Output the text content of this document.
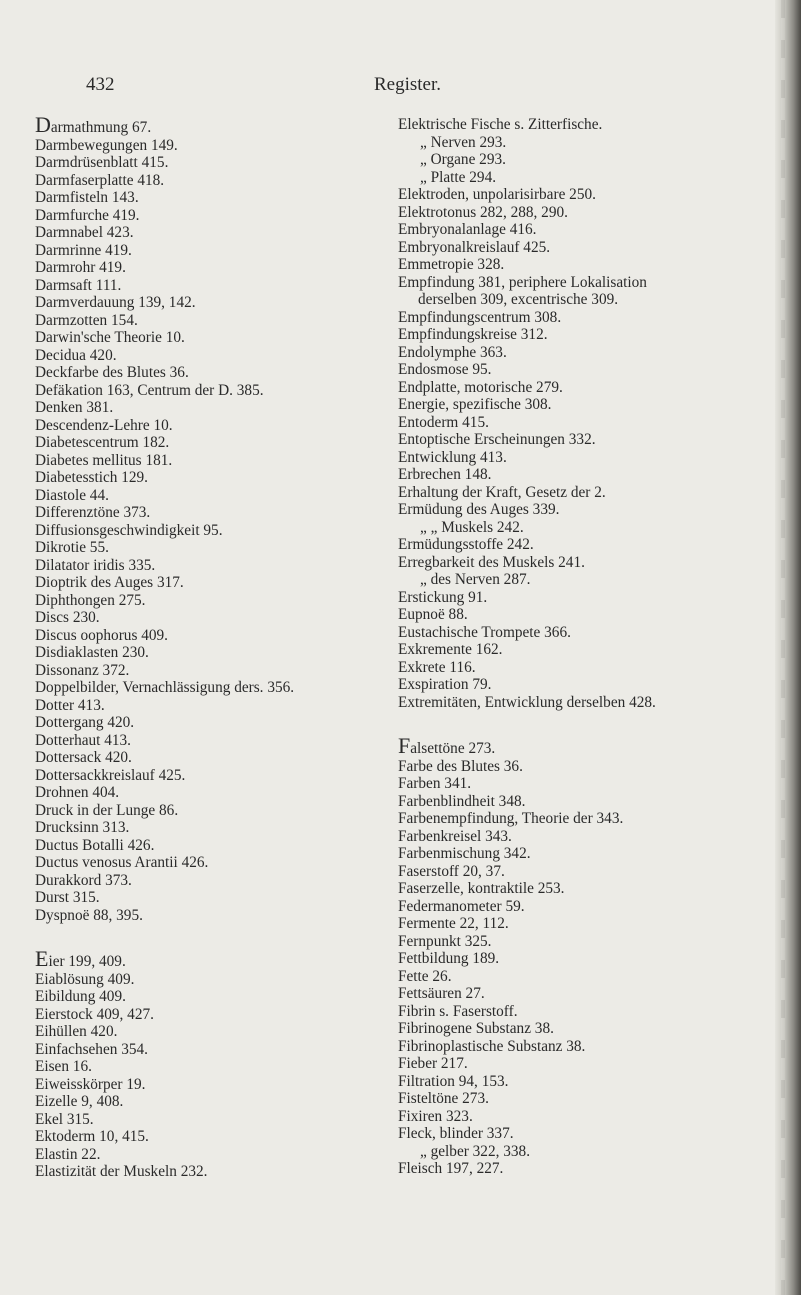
432	Register.
Darmathmung 67.
Darmbewegungen 149.
Darmdrüsenblatt 415.
Darmfaserplatte 418.
Darmfisteln 143.
Darmfurche 419.
Darmnabel 423.
Darmrinne 419.
Darmrohr 419.
Darmsaft 111.
Darmverdauung 139, 142.
Darmzotten 154.
Darwin'sche Theorie 10.
Decidua 420.
Deckfarbe des Blutes 36.
Defäkation 163, Centrum der D. 385.
Denken 381.
Descendenz-Lehre 10.
Diabetescentrum 182.
Diabetes mellitus 181.
Diabetesstich 129.
Diastole 44.
Differenztöne 373.
Diffusionsgeschwindigkeit 95.
Dikrotie 55.
Dilatator iridis 335.
Dioptrik des Auges 317.
Diphthongen 275.
Discs 230.
Discus oophorus 409.
Disdiaklasten 230.
Dissonanz 372.
Doppelbilder, Vernachlässigung ders. 356.
Dotter 413.
Dottergang 420.
Dotterhaut 413.
Dottersack 420.
Dottersackkreislauf 425.
Drohnen 404.
Druck in der Lunge 86.
Drucksinn 313.
Ductus Botalli 426.
Ductus venosus Arantii 426.
Durakkord 373.
Durst 315.
Dyspnoë 88, 395.
Eier 199, 409.
Eiablösung 409.
Eibildung 409.
Eierstock 409, 427.
Eihüllen 420.
Einfachsehen 354.
Eisen 16.
Eiweisskörper 19.
Eizelle 9, 408.
Ekel 315.
Ektoderm 10, 415.
Elastin 22.
Elastizität der Muskeln 232.
Elektrische Fische s. Zitterfische.
„ Nerven 293.
„ Organe 293.
„ Platte 294.
Elektroden, unpolarisirbare 250.
Elektrotonus 282, 288, 290.
Embryonalanlage 416.
Embryonalkreislauf 425.
Emmetropie 328.
Empfindung 381, periphere Lokalisation
derselben 309, excentrische 309.
Empfindungscentrum 308.
Empfindungskreise 312.
Endolymphe 363.
Endosmose 95.
Endplatte, motorische 279.
Energie, spezifische 308.
Entoderm 415.
Entoptische Erscheinungen 332.
Entwicklung 413.
Erbrechen 148.
Erhaltung der Kraft, Gesetz der 2.
Ermüdung des Auges 339.
„ „ Muskels 242.
Ermüdungsstoffe 242.
Erregbarkeit des Muskels 241.
„ des Nerven 287.
Erstickung 91.
Eupnoë 88.
Eustachische Trompete 366.
Exkremente 162.
Exkrete 116.
Exspiration 79.
Extremitäten, Entwicklung derselben 428.
Falsettöne 273.
Farbe des Blutes 36.
Farben 341.
Farbenblindheit 348.
Farbenempfindung, Theorie der 343.
Farbenkreisel 343.
Farbenmischung 342.
Faserstoff 20, 37.
Faserzelle, kontraktile 253.
Federmanometer 59.
Fermente 22, 112.
Fernpunkt 325.
Fettbildung 189.
Fette 26.
Fettsäuren 27.
Fibrin s. Faserstoff.
Fibrinogene Substanz 38.
Fibrinoplastische Substanz 38.
Fieber 217.
Filtration 94, 153.
Fisteltöne 273.
Fixiren 323.
Fleck, blinder 337.
„ gelber 322, 338.
Fleisch 197, 227.
